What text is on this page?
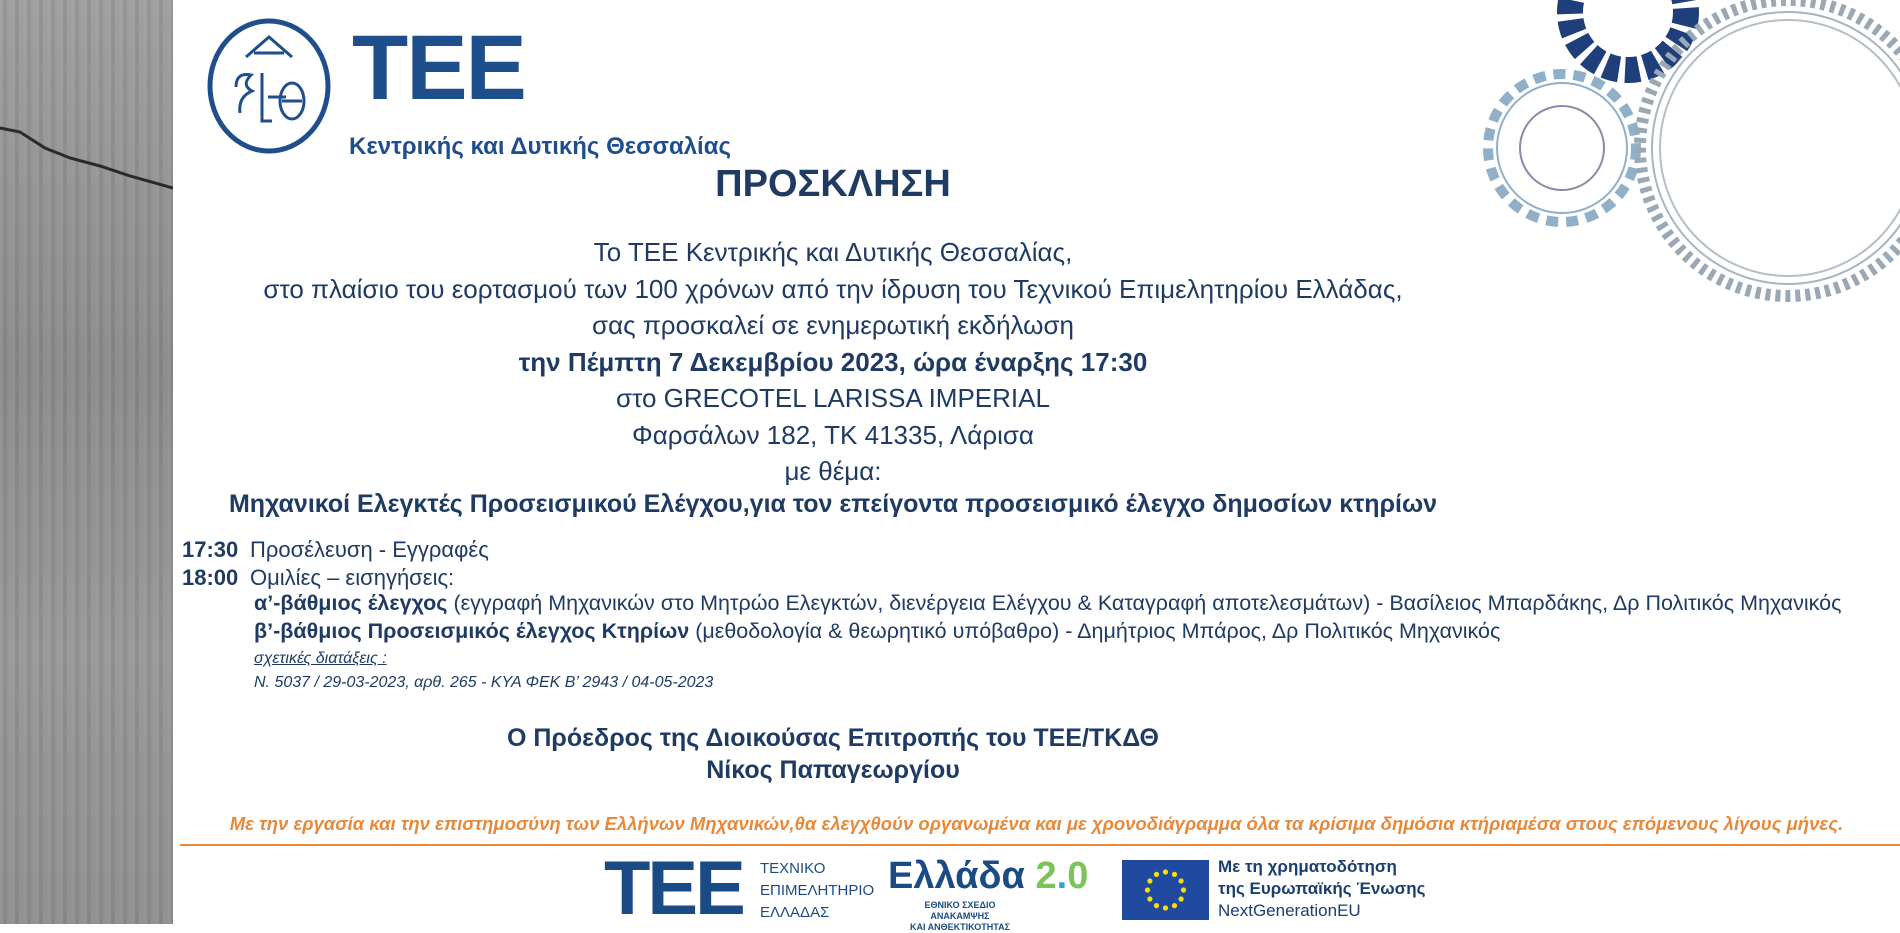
ΤΕΕ
Κεντρικής και Δυτικής Θεσσαλίας
ΠΡΟΣΚΛΗΣΗ
Το ΤΕΕ Κεντρικής και Δυτικής Θεσσαλίας,
στο πλαίσιο του εορτασμού των 100 χρόνων από την ίδρυση του Τεχνικού Επιμελητηρίου Ελλάδας,
σας προσκαλεί σε ενημερωτική εκδήλωση
την Πέμπτη 7 Δεκεμβρίου 2023, ώρα έναρξης 17:30
στο GRECOTEL LARISSA IMPERIAL
Φαρσάλων 182, ΤΚ 41335, Λάρισα
με θέμα:
Μηχανικοί Ελεγκτές Προσεισμικού Ελέγχου,για τον επείγοντα προσεισμικό έλεγχο δημοσίων κτηρίων
17:30 Προσέλευση - Εγγραφές
18:00 Ομιλίες – εισηγήσεις:
α’-βάθμιος έλεγχος (εγγραφή Μηχανικών στο Μητρώο Ελεγκτών, διενέργεια Ελέγχου & Καταγραφή αποτελεσμάτων) - Βασίλειος Μπαρδάκης, Δρ Πολιτικός Μηχανικός
β’-βάθμιος Προσεισμικός έλεγχος Κτηρίων (μεθοδολογία & θεωρητικό υπόβαθρο) - Δημήτριος Μπάρος, Δρ Πολιτικός Μηχανικός
σχετικές διατάξεις :
Ν. 5037 / 29-03-2023, αρθ. 265 - ΚΥΑ ΦΕΚ Β’ 2943 / 04-05-2023
Ο Πρόεδρος της Διοικούσας Επιτροπής του ΤΕΕ/ΤΚΔΘ
Νίκος Παπαγεωργίου
Με την εργασία και την επιστημοσύνη των Ελλήνων Μηχανικών,θα ελεγχθούν οργανωμένα και με χρονοδιάγραμμα όλα τα κρίσιμα δημόσια κτήριαμέσα στους επόμενους λίγους μήνες.
ΤΕΕ ΤΕΧΝΙΚΟ
ΕΠΙΜΕΛΗΤΗΡΙΟ
ΕΛΛΑΔΑΣ
Ελλάδα 2.0
ΕΘΝΙΚΟ ΣΧΕΔΙΟ ΑΝΑΚΑΜΨΗΣ
ΚΑΙ ΑΝΘΕΚΤΙΚΟΤΗΤΑΣ
Με τη χρηματοδότηση
της Ευρωπαϊκής Ένωσης
NextGenerationEU
